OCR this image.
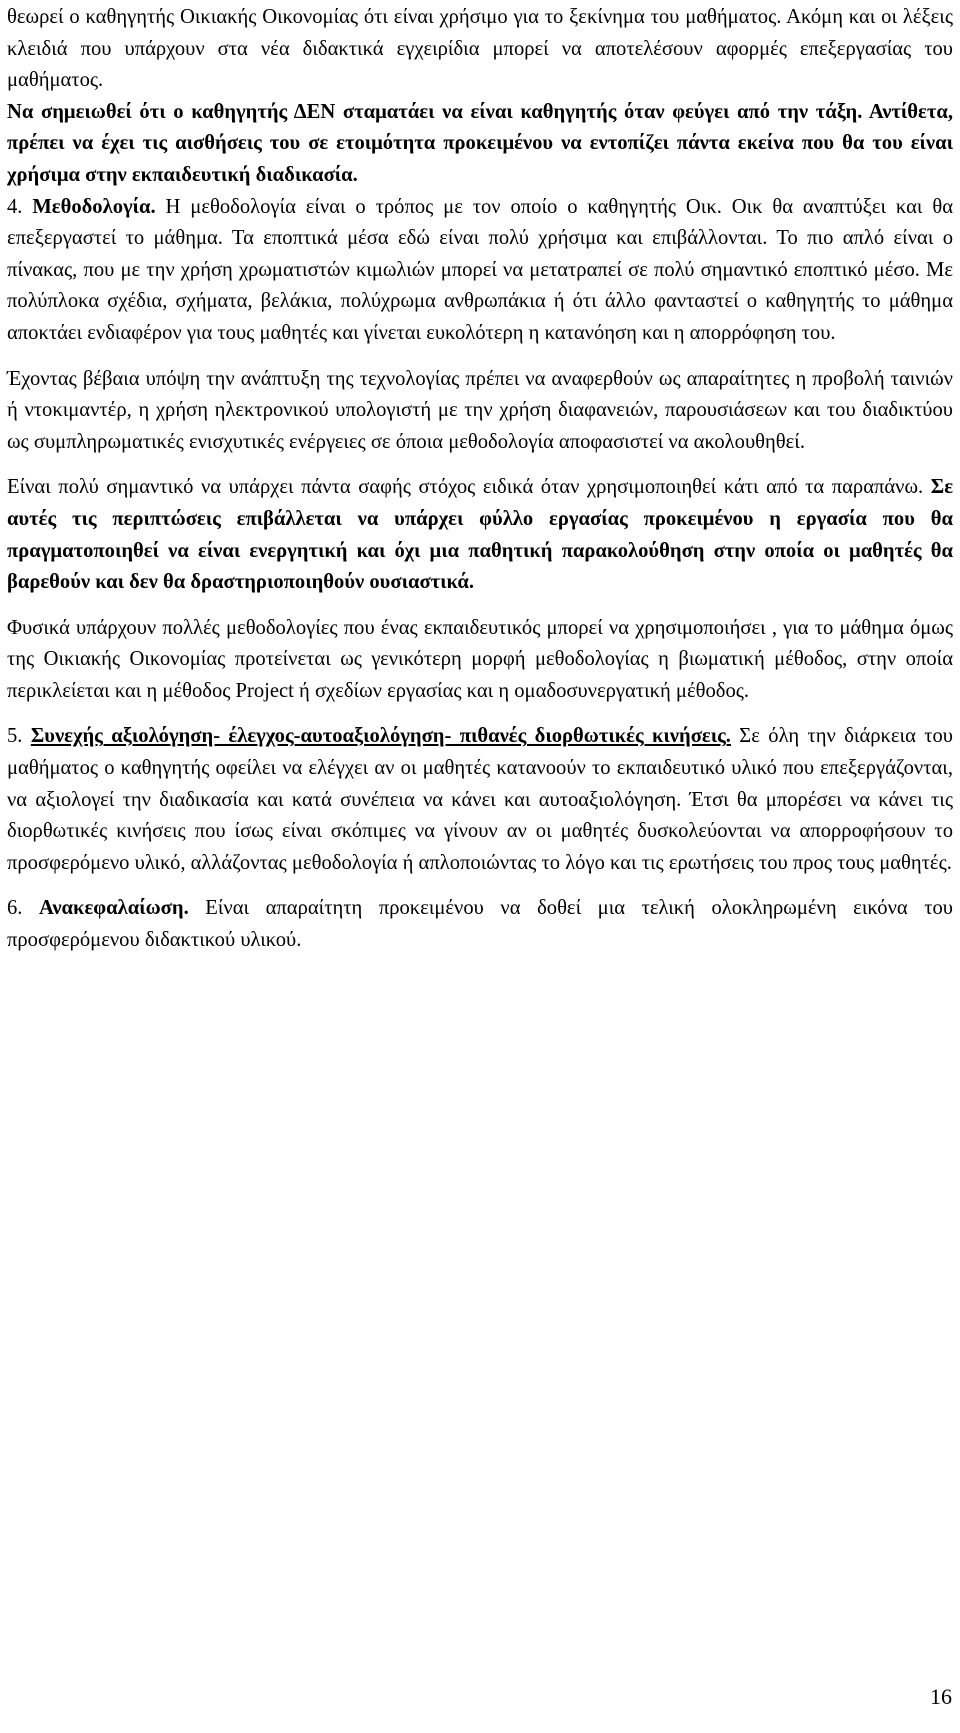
θεωρεί ο καθηγητής Οικιακής Οικονομίας ότι είναι χρήσιμο για το ξεκίνημα του μαθήματος. Ακόμη και οι λέξεις κλειδιά που υπάρχουν στα νέα διδακτικά εγχειρίδια μπορεί να αποτελέσουν αφορμές επεξεργασίας του μαθήματος.

Να σημειωθεί ότι ο καθηγητής ΔΕΝ σταματάει να είναι καθηγητής όταν φεύγει από την τάξη. Αντίθετα, πρέπει να έχει τις αισθήσεις του σε ετοιμότητα προκειμένου να εντοπίζει πάντα εκείνα που θα του είναι χρήσιμα στην εκπαιδευτική διαδικασία.

4. Μεθοδολογία. Η μεθοδολογία είναι ο τρόπος με τον οποίο ο καθηγητής Οικ. Οικ θα αναπτύξει και θα επεξεργαστεί το μάθημα. Τα εποπτικά μέσα εδώ είναι πολύ χρήσιμα και επιβάλλονται. Το πιο απλό είναι ο πίνακας, που με την χρήση χρωματιστών κιμωλιών μπορεί να μετατραπεί σε πολύ σημαντικό εποπτικό μέσο. Με πολύπλοκα σχέδια, σχήματα, βελάκια, πολύχρωμα ανθρωπάκια ή ότι άλλο φανταστεί ο καθηγητής το μάθημα αποκτάει ενδιαφέρον για τους μαθητές και γίνεται ευκολότερη η κατανόηση και η απορρόφηση του.

Έχοντας βέβαια υπόψη την ανάπτυξη της τεχνολογίας πρέπει να αναφερθούν ως απαραίτητες η προβολή ταινιών ή ντοκιμαντέρ, η χρήση ηλεκτρονικού υπολογιστή με την χρήση διαφανειών, παρουσιάσεων και του διαδικτύου ως συμπληρωματικές ενισχυτικές ενέργειες σε όποια μεθοδολογία αποφασιστεί να ακολουθηθεί.

Είναι πολύ σημαντικό να υπάρχει πάντα σαφής στόχος ειδικά όταν χρησιμοποιηθεί κάτι από τα παραπάνω. Σε αυτές τις περιπτώσεις επιβάλλεται να υπάρχει φύλλο εργασίας προκειμένου η εργασία που θα πραγματοποιηθεί να είναι ενεργητική και όχι μια παθητική παρακολούθηση στην οποία οι μαθητές θα βαρεθούν και δεν θα δραστηριοποιηθούν ουσιαστικά.

Φυσικά υπάρχουν πολλές μεθοδολογίες που ένας εκπαιδευτικός μπορεί να χρησιμοποιήσει , για το μάθημα όμως της Οικιακής Οικονομίας προτείνεται ως γενικότερη μορφή μεθοδολογίας η βιωματική μέθοδος, στην οποία περικλείεται και η μέθοδος Project ή σχεδίων εργασίας και η ομαδοσυνεργατική μέθοδος.

5. Συνεχής αξιολόγηση- έλεγχος-αυτοαξιολόγηση- πιθανές διορθωτικές κινήσεις. Σε όλη την διάρκεια του μαθήματος ο καθηγητής οφείλει να ελέγχει αν οι μαθητές κατανοούν το εκπαιδευτικό υλικό που επεξεργάζονται, να αξιολογεί την διαδικασία και κατά συνέπεια να κάνει και αυτοαξιολόγηση. Έτσι θα μπορέσει να κάνει τις διορθωτικές κινήσεις που ίσως είναι σκόπιμες να γίνουν αν οι μαθητές δυσκολεύονται να απορροφήσουν το προσφερόμενο υλικό, αλλάζοντας μεθοδολογία ή απλοποιώντας το λόγο και τις ερωτήσεις του προς τους μαθητές.

6. Ανακεφαλαίωση. Είναι απαραίτητη προκειμένου να δοθεί μια τελική ολοκληρωμένη εικόνα του προσφερόμενου διδακτικού υλικού.

16
